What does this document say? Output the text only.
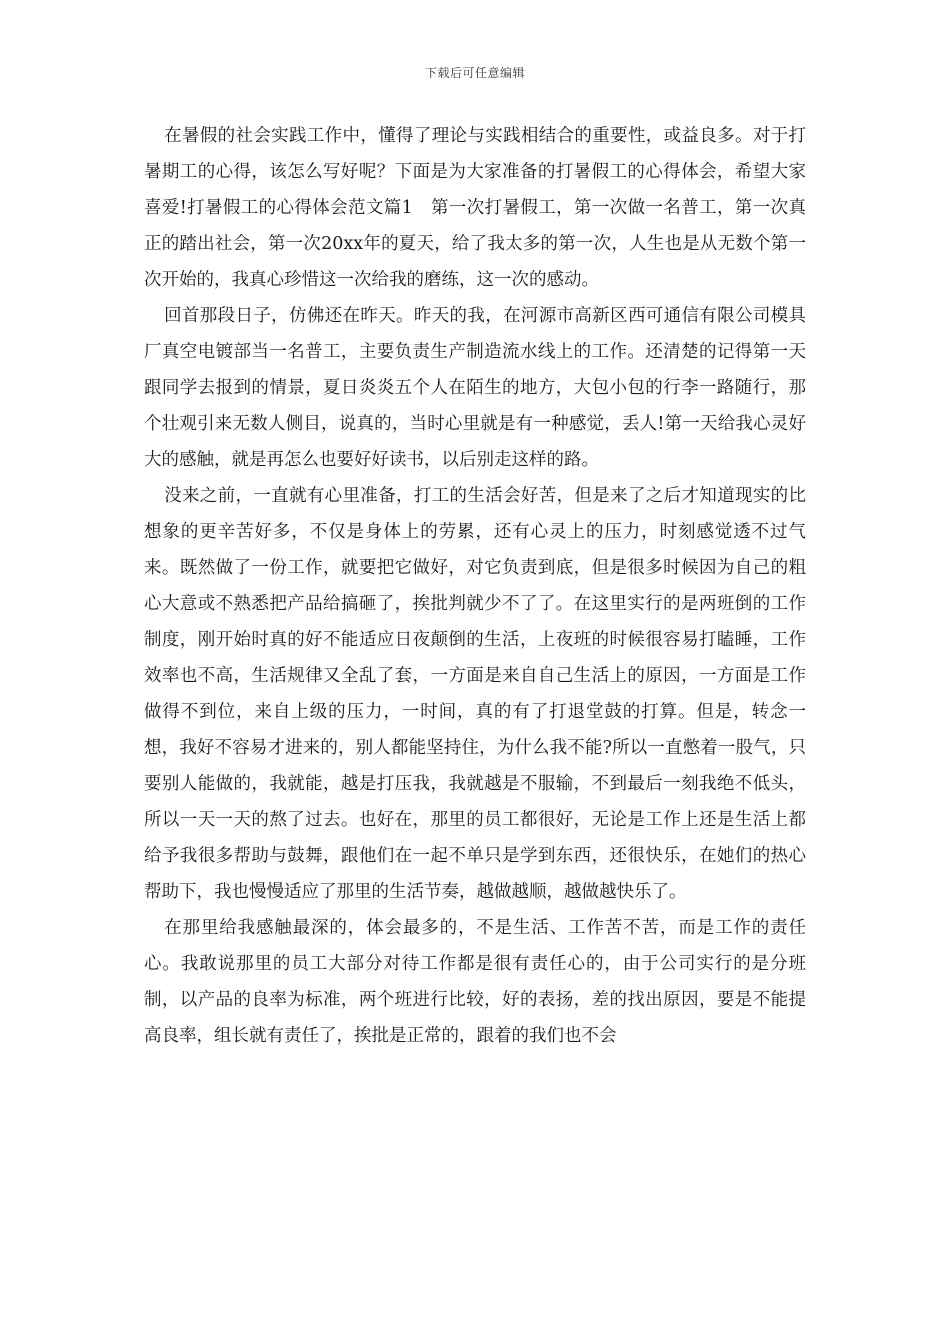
下载后可任意编辑

在暑假的社会实践工作中，懂得了理论与实践相结合的重要性，或益良多。对于打暑期工的心得，该怎么写好呢？下面是为大家准备的打暑假工的心得体会，希望大家喜爱!打暑假工的心得体会范文篇1　第一次打暑假工，第一次做一名普工，第一次真正的踏出社会，第一次20xx年的夏天，给了我太多的第一次，人生也是从无数个第一次开始的，我真心珍惜这一次给我的磨练，这一次的感动。

回首那段日子，仿佛还在昨天。昨天的我，在河源市高新区西可通信有限公司模具厂真空电镀部当一名普工，主要负责生产制造流水线上的工作。还清楚的记得第一天跟同学去报到的情景，夏日炎炎五个人在陌生的地方，大包小包的行李一路随行，那个壮观引来无数人侧目，说真的，当时心里就是有一种感觉，丢人!第一天给我心灵好大的感触，就是再怎么也要好好读书，以后别走这样的路。

没来之前，一直就有心里准备，打工的生活会好苦，但是来了之后才知道现实的比想象的更辛苦好多，不仅是身体上的劳累，还有心灵上的压力，时刻感觉透不过气来。既然做了一份工作，就要把它做好，对它负责到底，但是很多时候因为自己的粗心大意或不熟悉把产品给搞砸了，挨批判就少不了了。在这里实行的是两班倒的工作制度，刚开始时真的好不能适应日夜颠倒的生活，上夜班的时候很容易打瞌睡，工作效率也不高，生活规律又全乱了套，一方面是来自自己生活上的原因，一方面是工作做得不到位，来自上级的压力，一时间，真的有了打退堂鼓的打算。但是，转念一想，我好不容易才进来的，别人都能坚持住，为什么我不能?所以一直憋着一股气，只要别人能做的，我就能，越是打压我，我就越是不服输，不到最后一刻我绝不低头，所以一天一天的熬了过去。也好在，那里的员工都很好，无论是工作上还是生活上都给予我很多帮助与鼓舞，跟他们在一起不单只是学到东西，还很快乐，在她们的热心帮助下，我也慢慢适应了那里的生活节奏，越做越顺，越做越快乐了。

在那里给我感触最深的，体会最多的，不是生活、工作苦不苦，而是工作的责任心。我敢说那里的员工大部分对待工作都是很有责任心的，由于公司实行的是分班制，以产品的良率为标准，两个班进行比较，好的表扬，差的找出原因，要是不能提高良率，组长就有责任了，挨批是正常的，跟着的我们也不会
